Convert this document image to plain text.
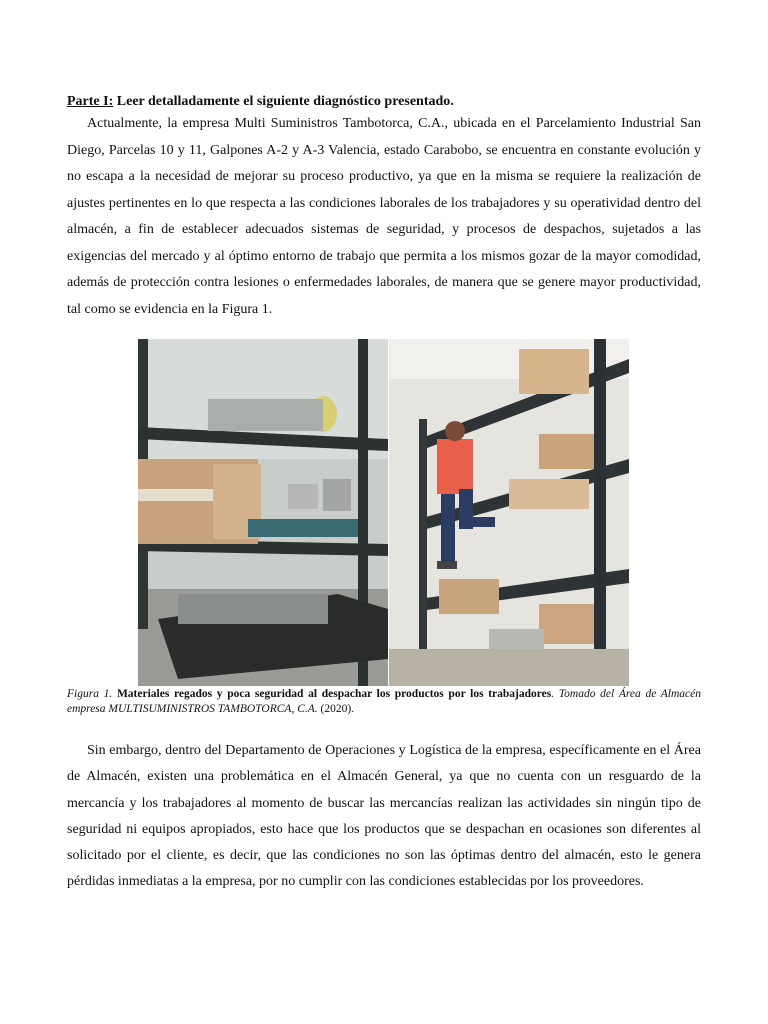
Parte I: Leer detalladamente el siguiente diagnóstico presentado.

Actualmente, la empresa Multi Suministros Tambotorca, C.A., ubicada en el Parcelamiento Industrial San Diego, Parcelas 10 y 11, Galpones A-2 y A-3 Valencia, estado Carabobo, se encuentra en constante evolución y no escapa a la necesidad de mejorar su proceso productivo, ya que en la misma se requiere la realización de ajustes pertinentes en lo que respecta a las condiciones laborales de los trabajadores y su operatividad dentro del almacén, a fin de establecer adecuados sistemas de seguridad, y procesos de despachos, sujetados a las exigencias del mercado y al óptimo entorno de trabajo que permita a los mismos gozar de la mayor comodidad, además de protección contra lesiones o enfermedades laborales, de manera que se genere mayor productividad, tal como se evidencia en la Figura 1.

Figura 1. Materiales regados y poca seguridad al despachar los productos por los trabajadores. Tomado del Área de Almacén empresa MULTISUMINISTROS TAMBOTORCA, C.A. (2020).

Sin embargo, dentro del Departamento de Operaciones y Logística de la empresa, específicamente en el Área de Almacén, existen una problemática en el Almacén General, ya que no cuenta con un resguardo de la mercancía y los trabajadores al momento de buscar las mercancías realizan las actividades sin ningún tipo de seguridad ni equipos apropiados, esto hace que los productos que se despachan en ocasiones son diferentes al solicitado por el cliente, es decir, que las condiciones no son las óptimas dentro del almacén, esto le genera pérdidas inmediatas a la empresa, por no cumplir con las condiciones establecidas por los proveedores.
